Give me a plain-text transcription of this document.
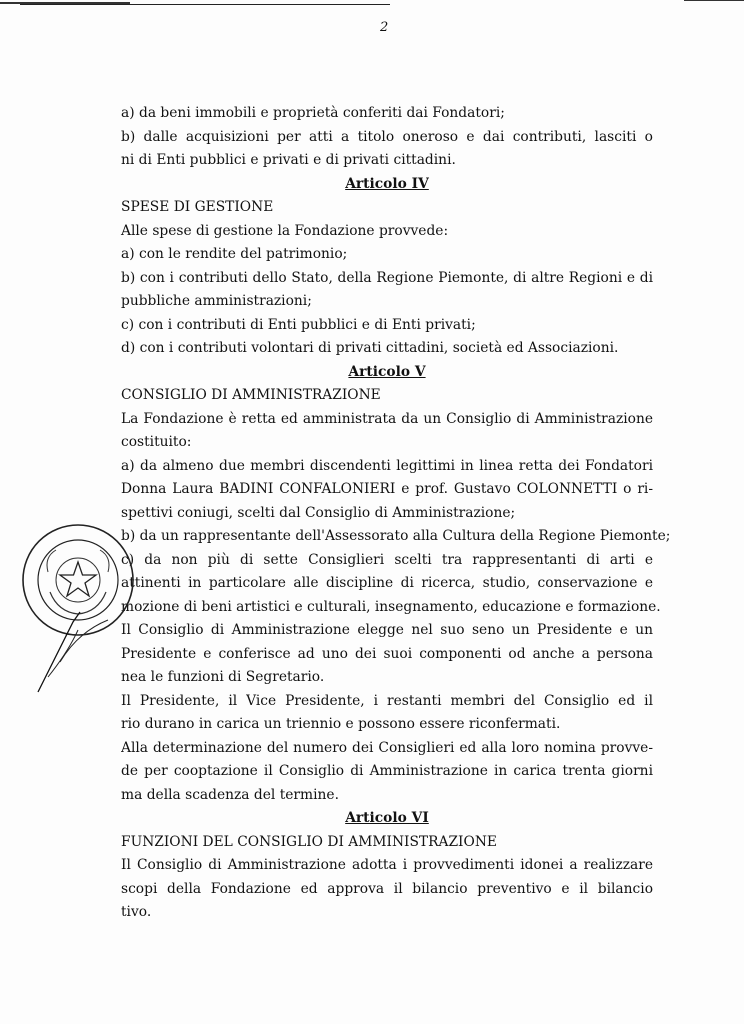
2
a) da beni immobili e proprietà conferiti dai Fondatori;
b) dalle acquisizioni per atti a titolo oneroso e dai contributi, lasciti o
ni di Enti pubblici e privati e di privati cittadini.
Articolo IV
SPESE DI GESTIONE
Alle spese di gestione la Fondazione provvede:
a) con le rendite del patrimonio;
b) con i contributi dello Stato, della Regione Piemonte, di altre Regioni e di
pubbliche amministrazioni;
c) con i contributi di Enti pubblici e di Enti privati;
d) con i contributi volontari di privati cittadini, società ed Associazioni.
Articolo V
CONSIGLIO DI AMMINISTRAZIONE
La Fondazione è retta ed amministrata da un Consiglio di Amministrazione
costituito:
a) da almeno due membri discendenti legittimi in linea retta dei Fondatori
Donna Laura BADINI CONFALONIERI e prof. Gustavo COLONNETTI o ri-
spettivi coniugi, scelti dal Consiglio di Amministrazione;
b) da un rappresentante dell'Assessorato alla Cultura della Regione Piemonte;
c) da non più di sette Consiglieri scelti tra rappresentanti di arti e
attinenti in particolare alle discipline di ricerca, studio, conservazione e
mozione di beni artistici e culturali, insegnamento, educazione e formazione.
Il Consiglio di Amministrazione elegge nel suo seno un Presidente e un
Presidente e conferisce ad uno dei suoi componenti od anche a persona
nea le funzioni di Segretario.
Il Presidente, il Vice Presidente, i restanti membri del Consiglio ed il
rio durano in carica un triennio e possono essere riconfermati.
Alla determinazione del numero dei Consiglieri ed alla loro nomina provve-
de per cooptazione il Consiglio di Amministrazione in carica trenta giorni
ma della scadenza del termine.
Articolo VI
FUNZIONI DEL CONSIGLIO DI AMMINISTRAZIONE
Il Consiglio di Amministrazione adotta i provvedimenti idonei a realizzare
scopi della Fondazione ed approva il bilancio preventivo e il bilancio
tivo.
